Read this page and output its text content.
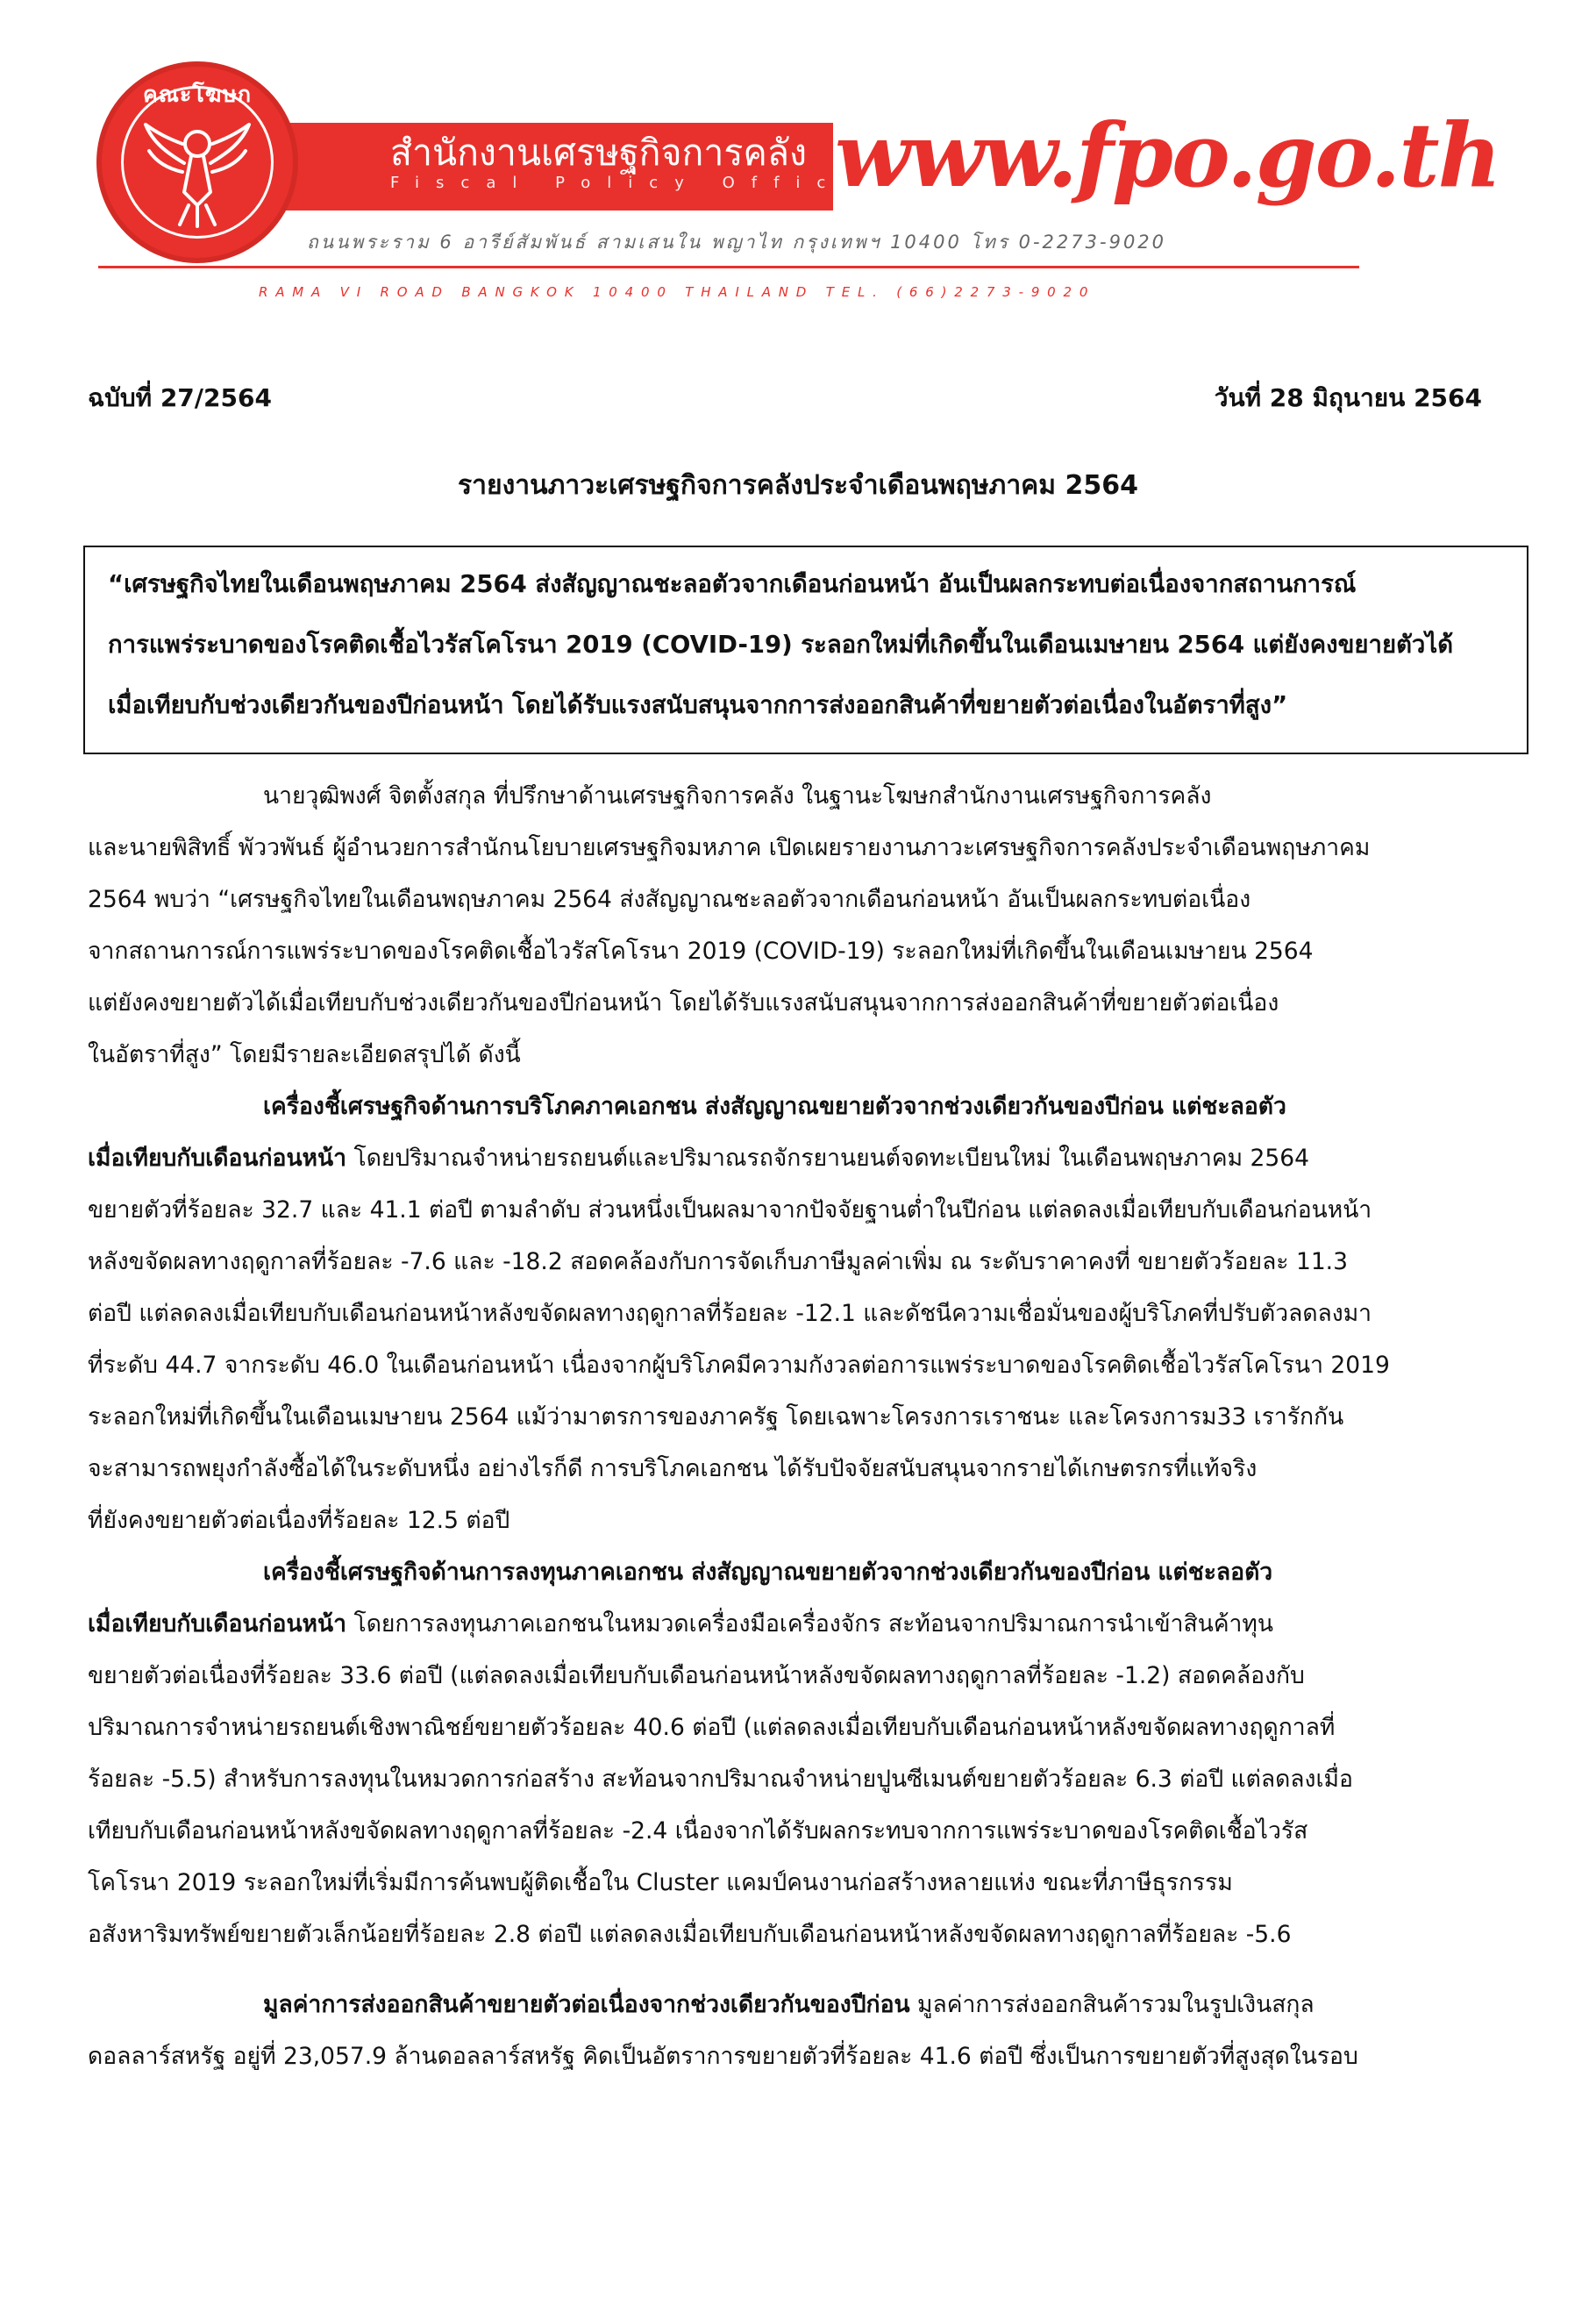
สำนักงานเศรษฐกิจการคลัง
Fiscal Policy Office
คณะโฆษก
www.fpo.go.th
ถนนพระราม 6 อารีย์สัมพันธ์ สามเสนใน พญาไท กรุงเทพฯ 10400 โทร 0-2273-9020
RAMA VI ROAD BANGKOK 10400 THAILAND TEL. (66)2273-9020
ฉบับที่ 27/2564	วันที่ 28 มิถุนายน 2564
รายงานภาวะเศรษฐกิจการคลังประจำเดือนพฤษภาคม 2564
“เศรษฐกิจไทยในเดือนพฤษภาคม 2564 ส่งสัญญาณชะลอตัวจากเดือนก่อนหน้า อันเป็นผลกระทบต่อเนื่องจากสถานการณ์
การแพร่ระบาดของโรคติดเชื้อไวรัสโคโรนา 2019 (COVID-19) ระลอกใหม่ที่เกิดขึ้นในเดือนเมษายน 2564 แต่ยังคงขยายตัวได้
เมื่อเทียบกับช่วงเดียวกันของปีก่อนหน้า โดยได้รับแรงสนับสนุนจากการส่งออกสินค้าที่ขยายตัวต่อเนื่องในอัตราที่สูง”
นายวุฒิพงศ์ จิตตั้งสกุล ที่ปรึกษาด้านเศรษฐกิจการคลัง ในฐานะโฆษกสำนักงานเศรษฐกิจการคลัง
และนายพิสิทธิ์ พัววพันธ์ ผู้อำนวยการสำนักนโยบายเศรษฐกิจมหภาค เปิดเผยรายงานภาวะเศรษฐกิจการคลังประจำเดือนพฤษภาคม
2564 พบว่า “เศรษฐกิจไทยในเดือนพฤษภาคม 2564 ส่งสัญญาณชะลอตัวจากเดือนก่อนหน้า อันเป็นผลกระทบต่อเนื่อง
จากสถานการณ์การแพร่ระบาดของโรคติดเชื้อไวรัสโคโรนา 2019 (COVID-19) ระลอกใหม่ที่เกิดขึ้นในเดือนเมษายน 2564
แต่ยังคงขยายตัวได้เมื่อเทียบกับช่วงเดียวกันของปีก่อนหน้า โดยได้รับแรงสนับสนุนจากการส่งออกสินค้าที่ขยายตัวต่อเนื่อง
ในอัตราที่สูง” โดยมีรายละเอียดสรุปได้ ดังนี้
เครื่องชี้เศรษฐกิจด้านการบริโภคภาคเอกชน ส่งสัญญาณขยายตัวจากช่วงเดียวกันของปีก่อน แต่ชะลอตัว
เมื่อเทียบกับเดือนก่อนหน้า โดยปริมาณจำหน่ายรถยนต์และปริมาณรถจักรยานยนต์จดทะเบียนใหม่ ในเดือนพฤษภาคม 2564
ขยายตัวที่ร้อยละ 32.7 และ 41.1 ต่อปี ตามลำดับ ส่วนหนึ่งเป็นผลมาจากปัจจัยฐานต่ำในปีก่อน แต่ลดลงเมื่อเทียบกับเดือนก่อนหน้า
หลังขจัดผลทางฤดูกาลที่ร้อยละ -7.6 และ -18.2 สอดคล้องกับการจัดเก็บภาษีมูลค่าเพิ่ม ณ ระดับราคาคงที่ ขยายตัวร้อยละ 11.3
ต่อปี แต่ลดลงเมื่อเทียบกับเดือนก่อนหน้าหลังขจัดผลทางฤดูกาลที่ร้อยละ -12.1 และดัชนีความเชื่อมั่นของผู้บริโภคที่ปรับตัวลดลงมา
ที่ระดับ 44.7 จากระดับ 46.0 ในเดือนก่อนหน้า เนื่องจากผู้บริโภคมีความกังวลต่อการแพร่ระบาดของโรคติดเชื้อไวรัสโคโรนา 2019
ระลอกใหม่ที่เกิดขึ้นในเดือนเมษายน 2564 แม้ว่ามาตรการของภาครัฐ โดยเฉพาะโครงการเราชนะ และโครงการม33 เรารักกัน
จะสามารถพยุงกำลังซื้อได้ในระดับหนึ่ง อย่างไรก็ดี การบริโภคเอกชน ได้รับปัจจัยสนับสนุนจากรายได้เกษตรกรที่แท้จริง
ที่ยังคงขยายตัวต่อเนื่องที่ร้อยละ 12.5 ต่อปี
เครื่องชี้เศรษฐกิจด้านการลงทุนภาคเอกชน ส่งสัญญาณขยายตัวจากช่วงเดียวกันของปีก่อน แต่ชะลอตัว
เมื่อเทียบกับเดือนก่อนหน้า โดยการลงทุนภาคเอกชนในหมวดเครื่องมือเครื่องจักร สะท้อนจากปริมาณการนำเข้าสินค้าทุน
ขยายตัวต่อเนื่องที่ร้อยละ 33.6 ต่อปี (แต่ลดลงเมื่อเทียบกับเดือนก่อนหน้าหลังขจัดผลทางฤดูกาลที่ร้อยละ -1.2) สอดคล้องกับ
ปริมาณการจำหน่ายรถยนต์เชิงพาณิชย์ขยายตัวร้อยละ 40.6 ต่อปี (แต่ลดลงเมื่อเทียบกับเดือนก่อนหน้าหลังขจัดผลทางฤดูกาลที่
ร้อยละ -5.5) สำหรับการลงทุนในหมวดการก่อสร้าง สะท้อนจากปริมาณจำหน่ายปูนซีเมนต์ขยายตัวร้อยละ 6.3 ต่อปี แต่ลดลงเมื่อ
เทียบกับเดือนก่อนหน้าหลังขจัดผลทางฤดูกาลที่ร้อยละ -2.4 เนื่องจากได้รับผลกระทบจากการแพร่ระบาดของโรคติดเชื้อไวรัส
โคโรนา 2019 ระลอกใหม่ที่เริ่มมีการค้นพบผู้ติดเชื้อใน Cluster แคมป์คนงานก่อสร้างหลายแห่ง ขณะที่ภาษีธุรกรรม
อสังหาริมทรัพย์ขยายตัวเล็กน้อยที่ร้อยละ 2.8 ต่อปี แต่ลดลงเมื่อเทียบกับเดือนก่อนหน้าหลังขจัดผลทางฤดูกาลที่ร้อยละ -5.6
มูลค่าการส่งออกสินค้าขยายตัวต่อเนื่องจากช่วงเดียวกันของปีก่อน มูลค่าการส่งออกสินค้ารวมในรูปเงินสกุล
ดอลลาร์สหรัฐ อยู่ที่ 23,057.9 ล้านดอลลาร์สหรัฐ คิดเป็นอัตราการขยายตัวที่ร้อยละ 41.6 ต่อปี ซึ่งเป็นการขยายตัวที่สูงสุดในรอบ
